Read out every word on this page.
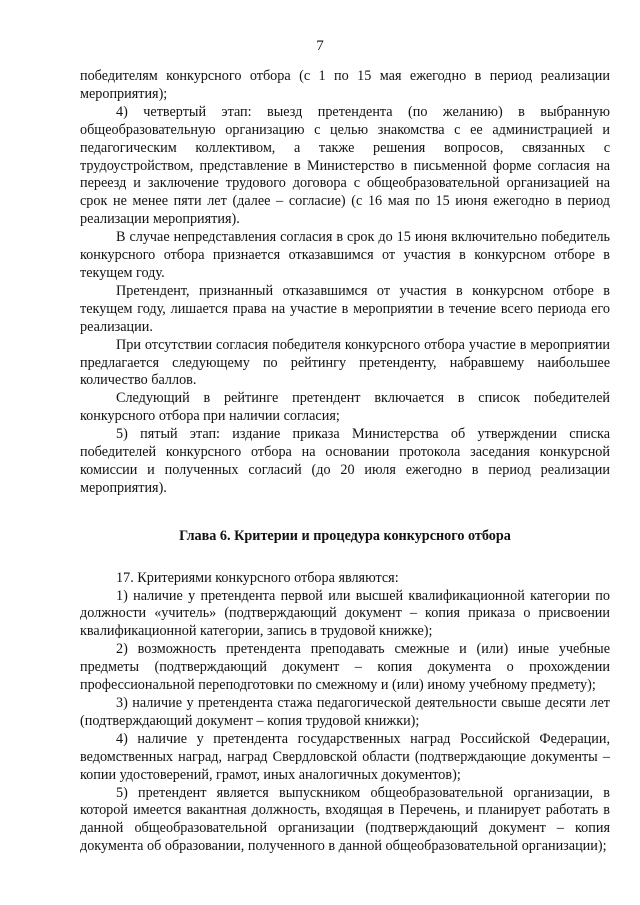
7

победителям конкурсного отбора (с 1 по 15 мая ежегодно в период реализации мероприятия);

4) четвертый этап: выезд претендента (по желанию) в выбранную общеобразовательную организацию с целью знакомства с ее администрацией и педагогическим коллективом, а также решения вопросов, связанных с трудоустройством, представление в Министерство в письменной форме согласия на переезд и заключение трудового договора с общеобразовательной организацией на срок не менее пяти лет (далее – согласие) (с 16 мая по 15 июня ежегодно в период реализации мероприятия).

В случае непредставления согласия в срок до 15 июня включительно победитель конкурсного отбора признается отказавшимся от участия в конкурсном отборе в текущем году.

Претендент, признанный отказавшимся от участия в конкурсном отборе в текущем году, лишается права на участие в мероприятии в течение всего периода его реализации.

При отсутствии согласия победителя конкурсного отбора участие в мероприятии предлагается следующему по рейтингу претенденту, набравшему наибольшее количество баллов.

Следующий в рейтинге претендент включается в список победителей конкурсного отбора при наличии согласия;

5) пятый этап: издание приказа Министерства об утверждении списка победителей конкурсного отбора на основании протокола заседания конкурсной комиссии и полученных согласий (до 20 июля ежегодно в период реализации мероприятия).

Глава 6. Критерии и процедура конкурсного отбора

17. Критериями конкурсного отбора являются:

1) наличие у претендента первой или высшей квалификационной категории по должности «учитель» (подтверждающий документ – копия приказа о присвоении квалификационной категории, запись в трудовой книжке);

2) возможность претендента преподавать смежные и (или) иные учебные предметы (подтверждающий документ – копия документа о прохождении профессиональной переподготовки по смежному и (или) иному учебному предмету);

3) наличие у претендента стажа педагогической деятельности свыше десяти лет (подтверждающий документ – копия трудовой книжки);

4) наличие у претендента государственных наград Российской Федерации, ведомственных наград, наград Свердловской области (подтверждающие документы – копии удостоверений, грамот, иных аналогичных документов);

5) претендент является выпускником общеобразовательной организации, в которой имеется вакантная должность, входящая в Перечень, и планирует работать в данной общеобразовательной организации (подтверждающий документ – копия документа об образовании, полученного в данной общеобразовательной организации);
